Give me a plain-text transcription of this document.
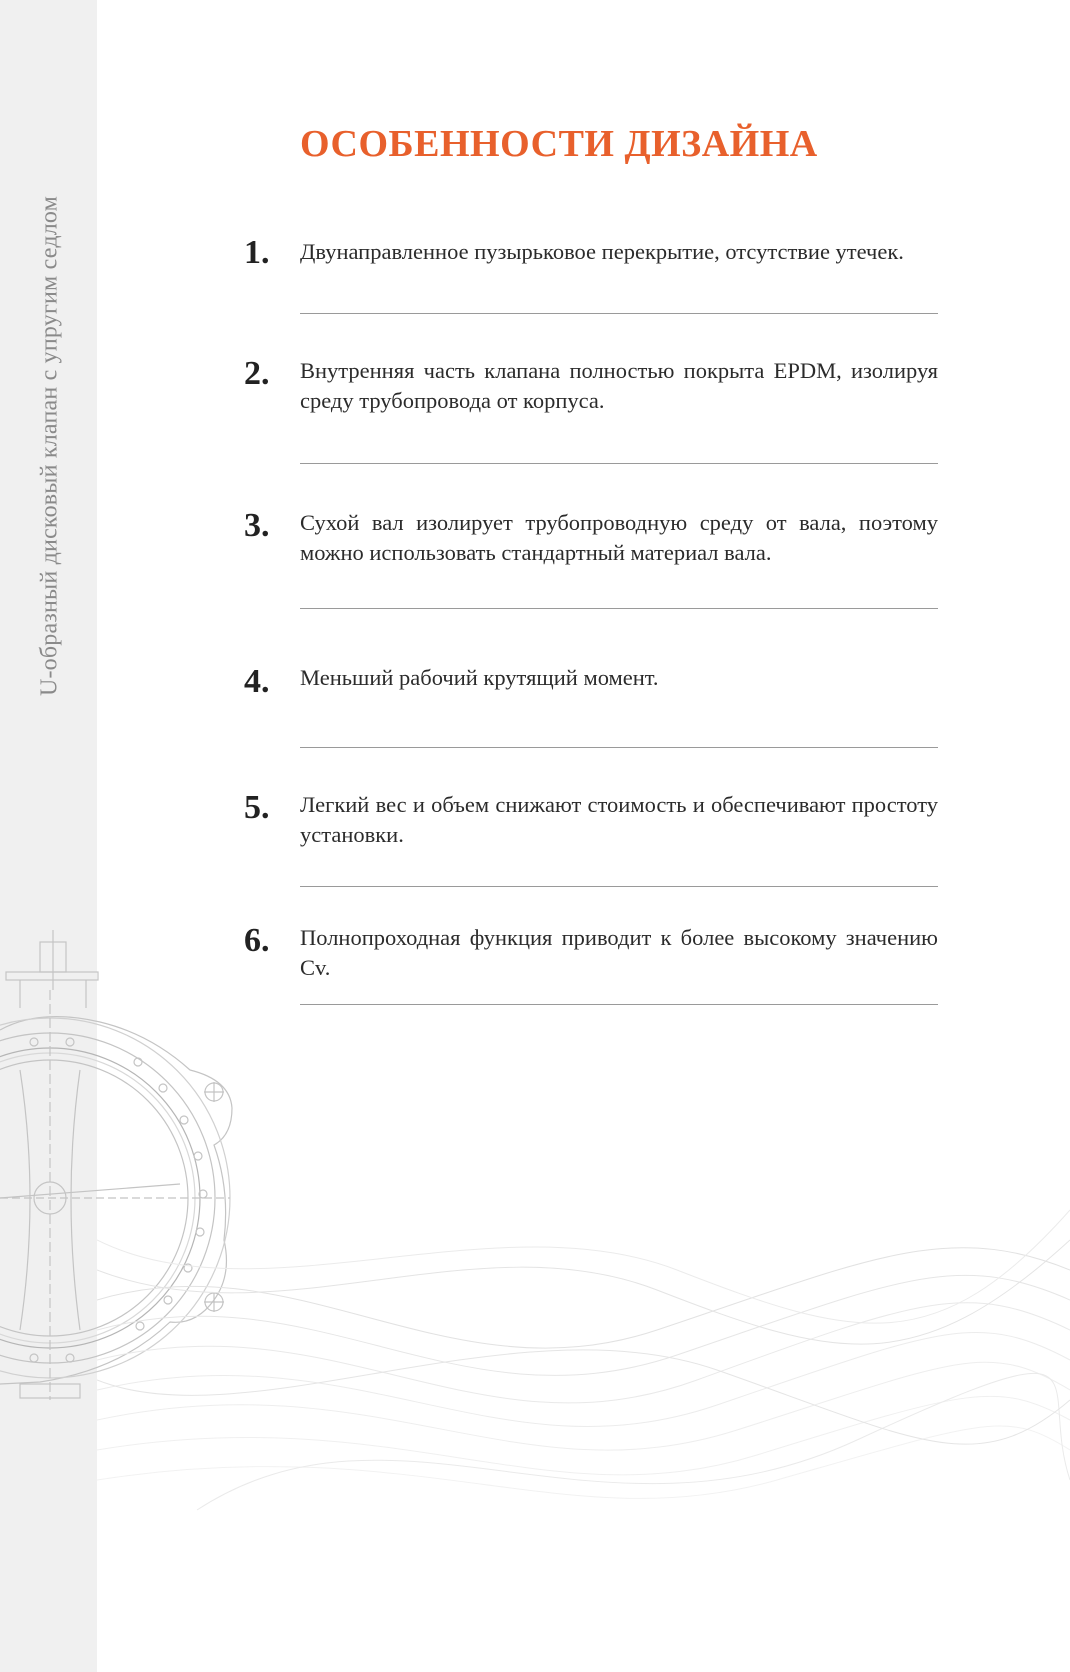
U-образный дисковый клапан с упругим седлом
ОСОБЕННОСТИ ДИЗАЙНА
1.	Двунаправленное пузырьковое перекрытие, отсутствие утечек.
2.	Внутренняя часть клапана полностью покрыта EPDM, изолируя среду трубопровода от корпуса.
3.	Сухой вал изолирует трубопроводную среду от вала, поэтому можно использовать стандартный материал вала.
4.	Меньший рабочий крутящий момент.
5.	Легкий вес и объем снижают стоимость и обеспечивают простоту установки.
6.	Полнопроходная функция приводит к более высокому значению Cv.
